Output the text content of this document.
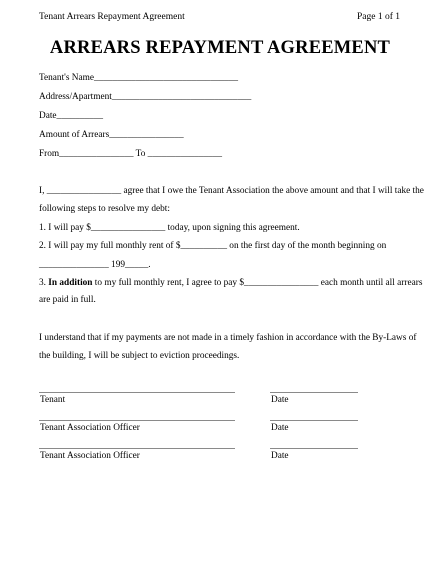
Tenant Arrears Repayment Agreement	Page 1 of 1
ARREARS REPAYMENT AGREEMENT
Tenant's Name_______________________________
Address/Apartment______________________________
Date__________
Amount of Arrears________________
From________________ To ________________
I, ________________ agree that I owe the Tenant Association the above amount and that I will take the
following steps to resolve my debt:
1. I will pay $________________ today, upon signing this agreement.
2. I will pay my full monthly rent of $__________ on the first day of the month beginning on
_______________ 199_____.
3. In addition to my full monthly rent, I agree to pay $________________ each month until all arrears
are paid in full.
I understand that if my payments are not made in a timely fashion in accordance with the By-Laws of
the building, I will be subject to eviction proceedings.
Tenant	Date
Tenant Association Officer	Date
Tenant Association Officer	Date
